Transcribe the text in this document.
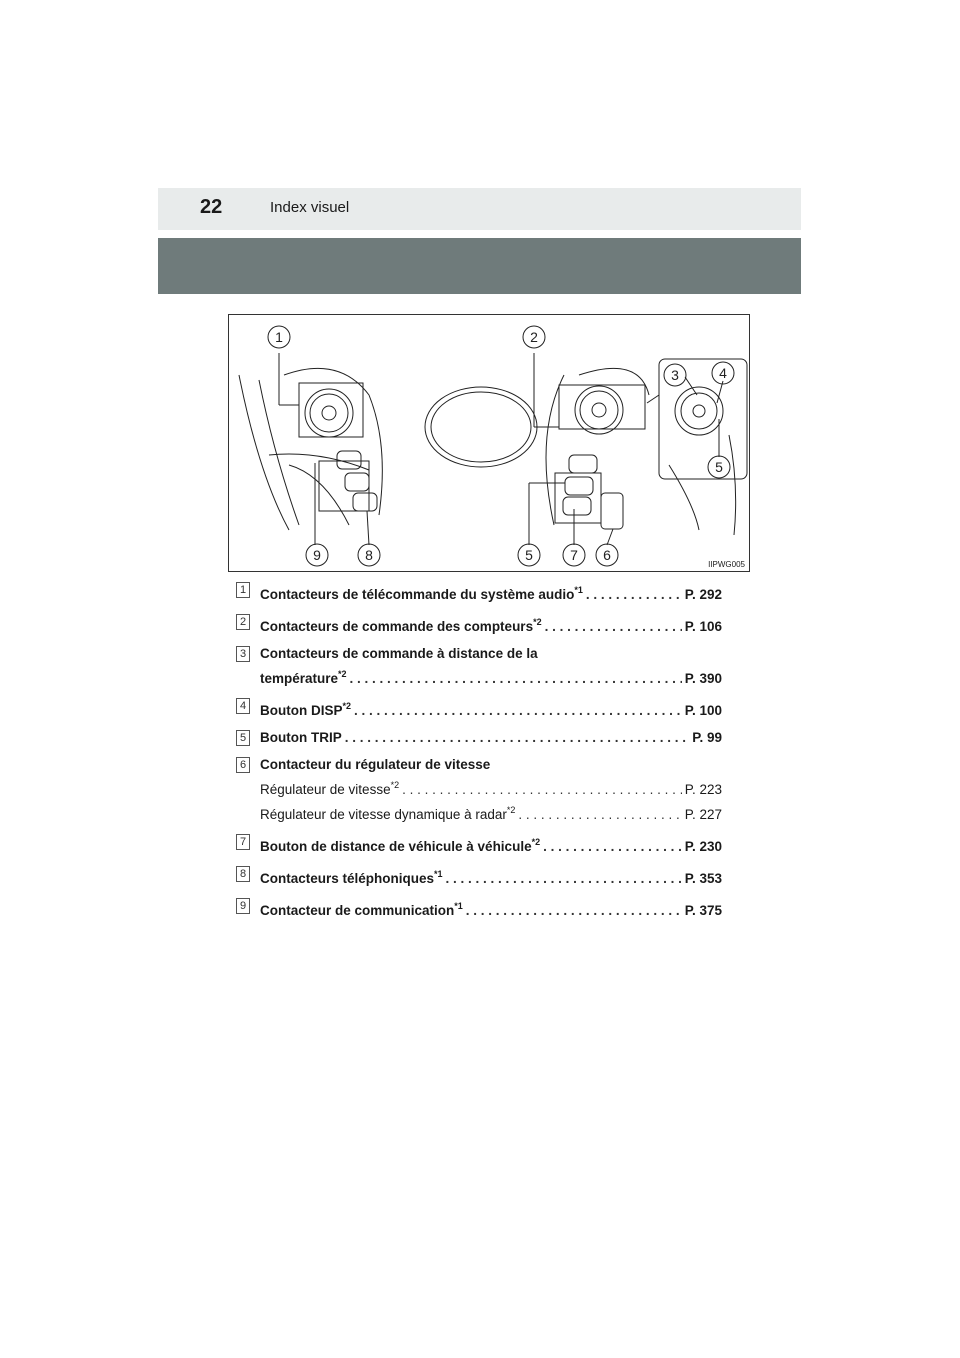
22	Index visuel
1	2
3	4
5
9	8	5	7 6
IIPWG005
1 Contacteurs de télécommande du système audio$^{*1}$ . . .	P. 292
2 Contacteurs de commande des compteurs$^{*2}$ . . .	P. 106
3 Contacteurs de commande à distance de la
température$^{*2}$ . . .	P. 390
4 Bouton DISP$^{*2}$ . . .	P. 100
5 Bouton TRIP . . .	P. 99
6 Contacteur du régulateur de vitesse
Régulateur de vitesse$^{*2}$ . . .	P. 223
Régulateur de vitesse dynamique à radar$^{*2}$ . . .	P. 227
7 Bouton de distance de véhicule à véhicule$^{*2}$ . . .	P. 230
8 Contacteurs téléphoniques$^{*1}$ . . .	P. 353
9 Contacteur de communication$^{*1}$ . . .	P. 375
